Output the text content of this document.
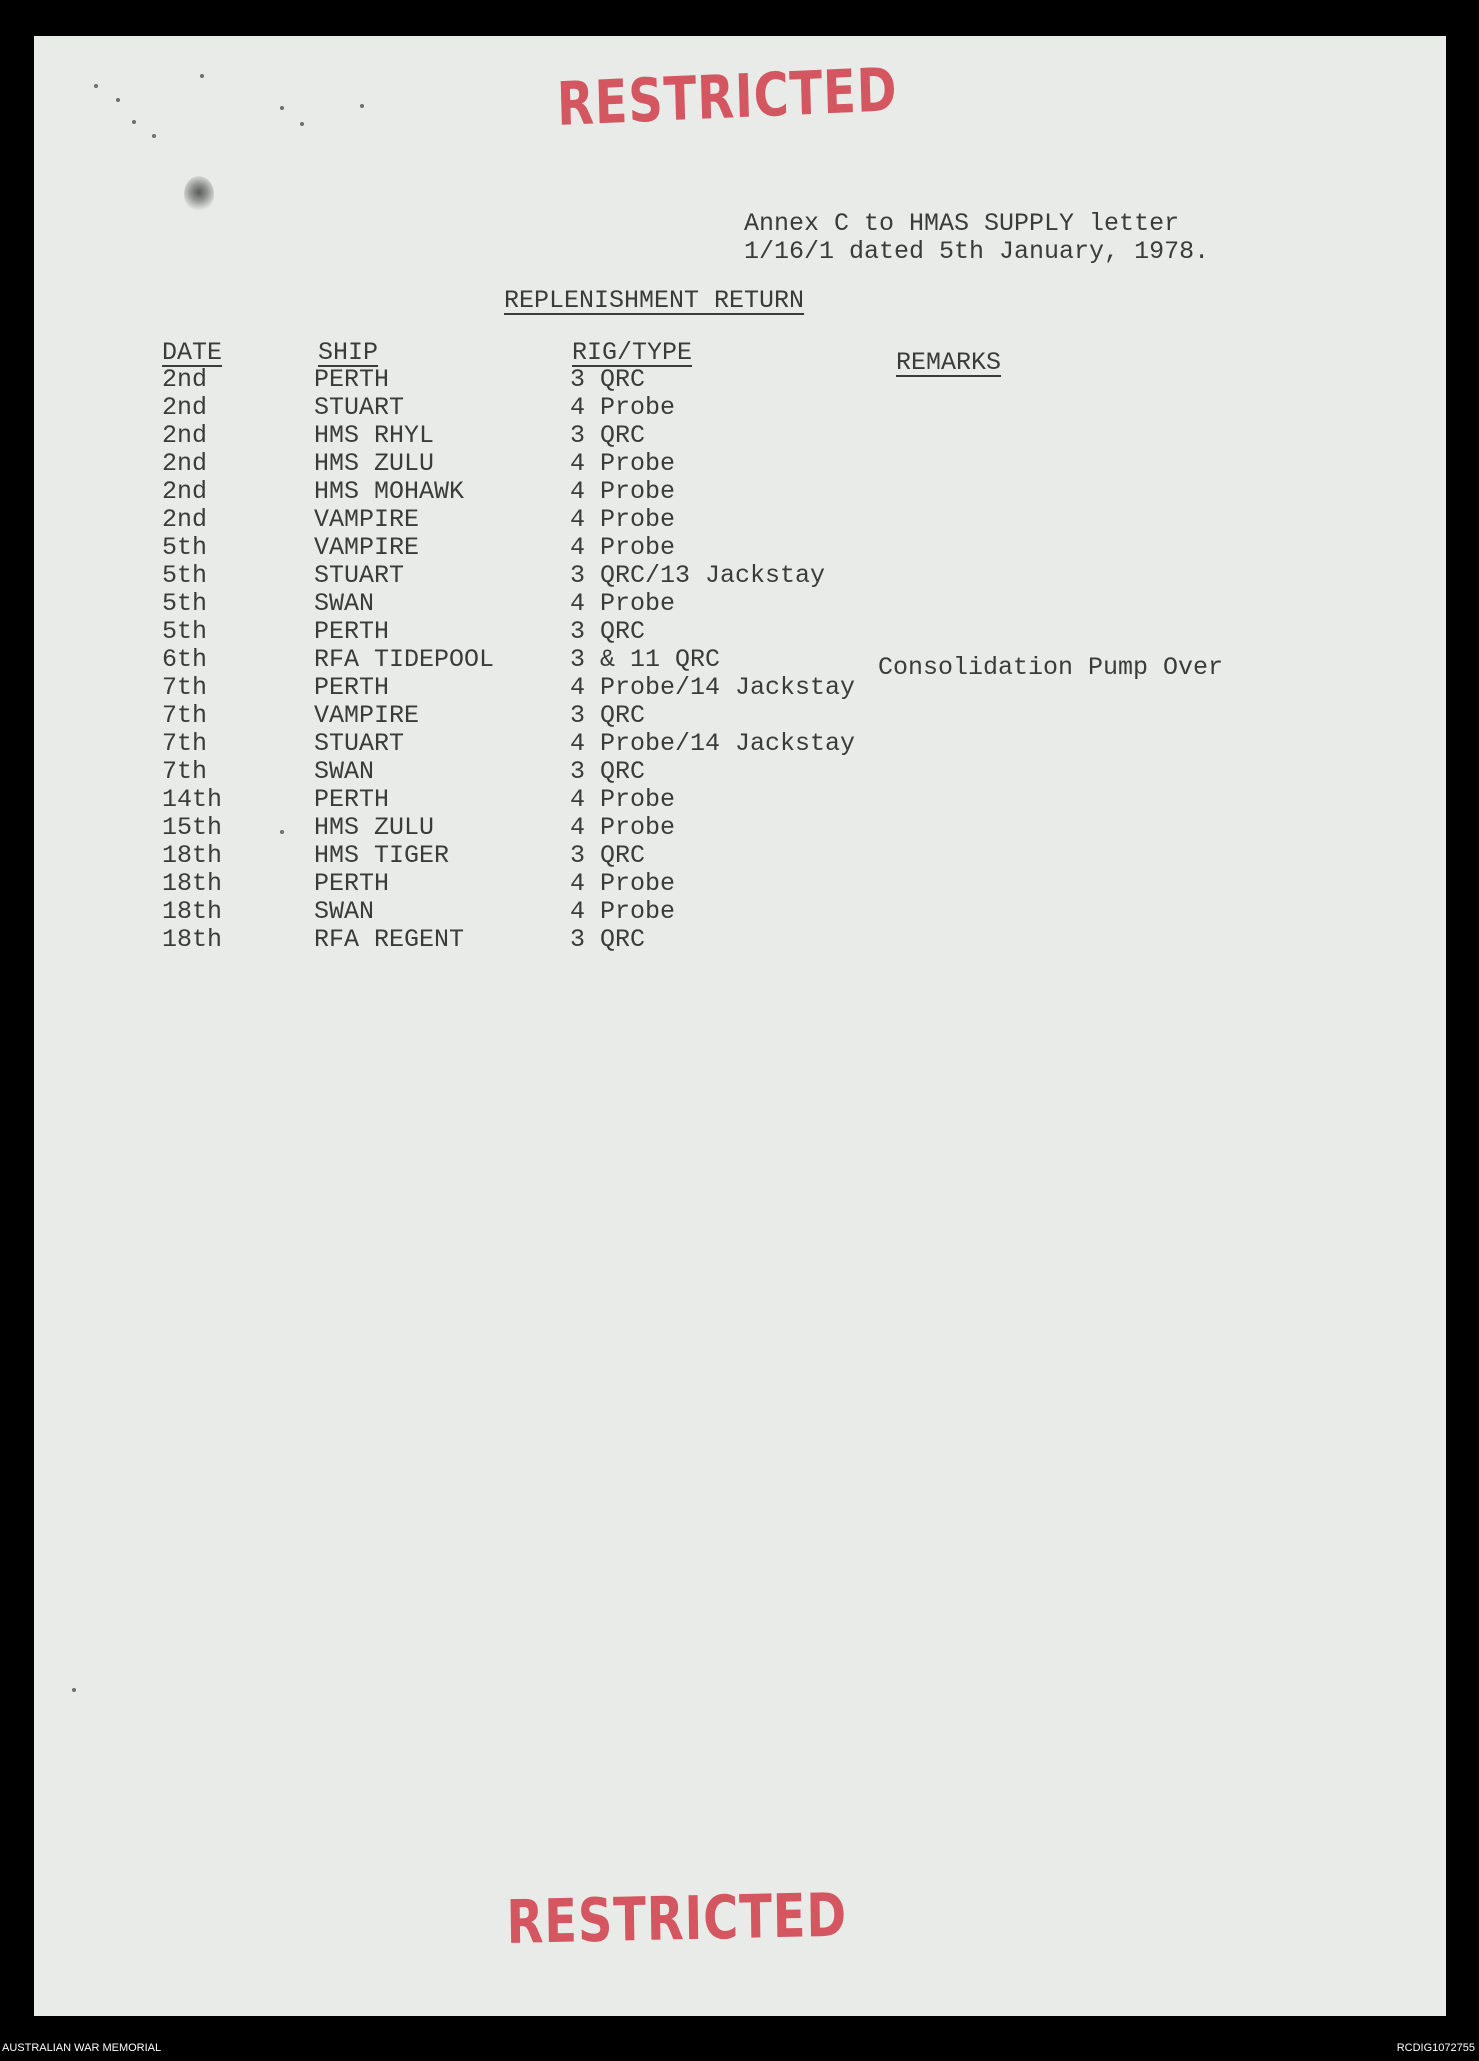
RESTRICTED
Annex C to HMAS SUPPLY letter
1/16/1 dated 5th January, 1978.
REPLENISHMENT RETURN
DATE	SHIP	RIG/TYPE	REMARKS
2nd	PERTH	3 QRC
2nd	STUART	4 Probe
2nd	HMS RHYL	3 QRC
2nd	HMS ZULU	4 Probe
2nd	HMS MOHAWK	4 Probe
2nd	VAMPIRE	4 Probe
5th	VAMPIRE	4 Probe
5th	STUART	3 QRC/13 Jackstay
5th	SWAN	4 Probe
5th	PERTH	3 QRC
6th	RFA TIDEPOOL	3 & 11 QRC	Consolidation Pump Over
7th	PERTH	4 Probe/14 Jackstay
7th	VAMPIRE	3 QRC
7th	STUART	4 Probe/14 Jackstay
7th	SWAN	3 QRC
14th	PERTH	4 Probe
15th	HMS ZULU	4 Probe
18th	HMS TIGER	3 QRC
18th	PERTH	4 Probe
18th	SWAN	4 Probe
18th	RFA REGENT	3 QRC
RESTRICTED
AUSTRALIAN WAR MEMORIAL	RCDIG1072755
